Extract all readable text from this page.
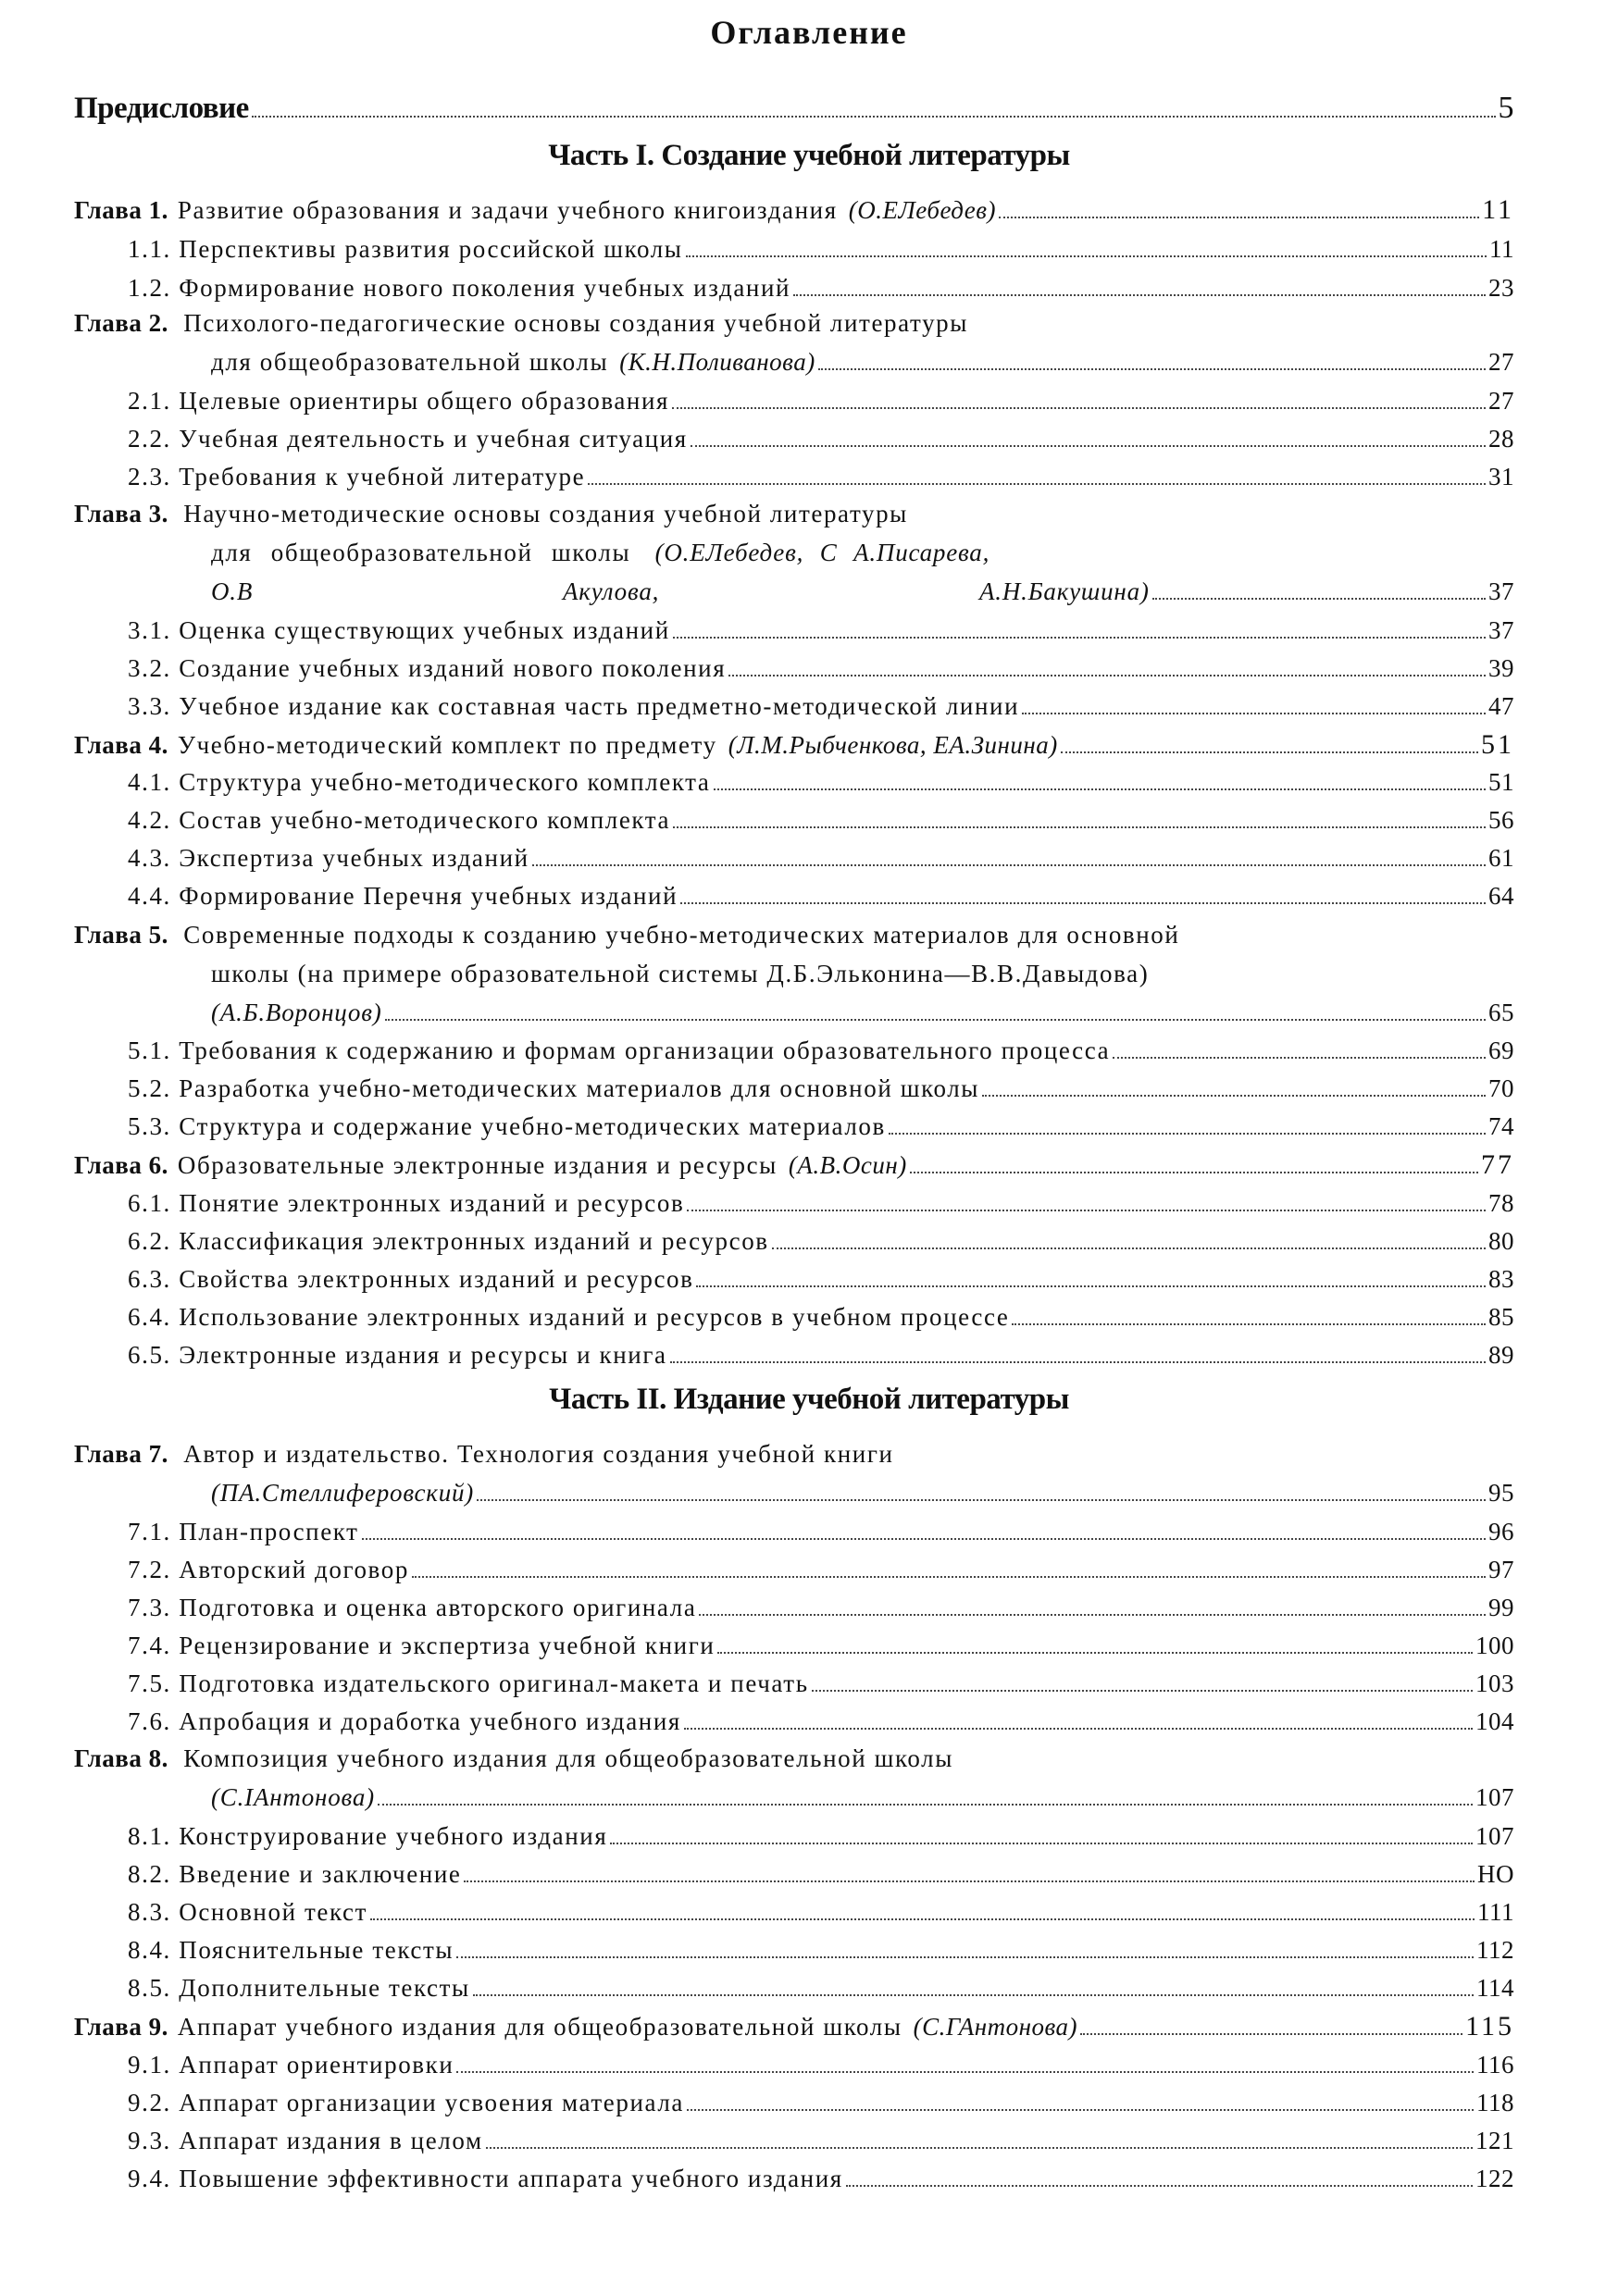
Оглавление
Предисловие	5
Часть I. Создание учебной литературы
Глава 1. Развитие образования и задачи учебного книгоиздания (О.ЕЛебедев)	11
1.1. Перспективы развития российской школы	11
1.2. Формирование нового поколения учебных изданий	23
Глава 2. Психолого-педагогические основы создания учебной литературы
для общеобразовательной школы (К.Н.Поливанова)	27
2.1. Целевые ориентиры общего образования	27
2.2. Учебная деятельность и учебная ситуация	28
2.3. Требования к учебной литературе	31
Глава 3. Научно-методические основы создания учебной литературы
для общеобразовательной школы (О.ЕЛебедев, С А.Писарева,
О.В	Акулова,	А.Н.Бакушина)	37
3.1. Оценка существующих учебных изданий	37
3.2. Создание учебных изданий нового поколения	39
3.3. Учебное издание как составная часть предметно-методической линии	47
Глава 4. Учебно-методический комплект по предмету (Л.М.Рыбченкова, ЕА.Зинина)	51
4.1. Структура учебно-методического комплекта	51
4.2. Состав учебно-методического комплекта	56
4.3. Экспертиза учебных изданий	61
4.4. Формирование Перечня учебных изданий	64
Глава 5. Современные подходы к созданию учебно-методических материалов для основной
школы (на примере образовательной системы Д.Б.Эльконина—В.В.Давыдова)
(А.Б.Воронцов)	65
5.1. Требования к содержанию и формам организации образовательного процесса	69
5.2. Разработка учебно-методических материалов для основной школы	70
5.3. Структура и содержание учебно-методических материалов	74
Глава 6. Образовательные электронные издания и ресурсы (А.В.Осин)	77
6.1. Понятие электронных изданий и ресурсов	78
6.2. Классификация электронных изданий и ресурсов	80
6.3. Свойства электронных изданий и ресурсов	83
6.4. Использование электронных изданий и ресурсов в учебном процессе	85
6.5. Электронные издания и ресурсы и книга	89
Часть II. Издание учебной литературы
Глава 7. Автор и издательство. Технология создания учебной книги
(ПА.Стеллиферовский)	95
7.1. План-проспект	96
7.2. Авторский договор	97
7.3. Подготовка и оценка авторского оригинала	99
7.4. Рецензирование и экспертиза учебной книги	100
7.5. Подготовка издательского оригинал-макета и печать	103
7.6. Апробация и доработка учебного издания	104
Глава 8. Композиция учебного издания для общеобразовательной школы
(С.IАнтонова)	107
8.1. Конструирование учебного издания	107
8.2. Введение и заключение	НО
8.3. Основной текст	111
8.4. Пояснительные тексты	112
8.5. Дополнительные тексты	114
Глава 9. Аппарат учебного издания для общеобразовательной школы (С.ГАнтонова)	115
9.1. Аппарат ориентировки	116
9.2. Аппарат организации усвоения материала	118
9.3. Аппарат издания в целом	121
9.4. Повышение эффективности аппарата учебного издания	122
